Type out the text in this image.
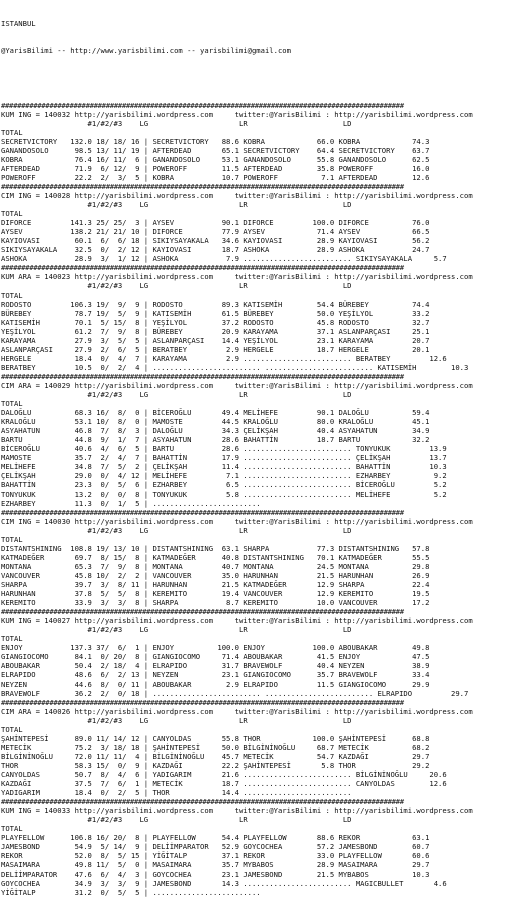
ISTANBUL

@YarisBilimi -- http://www.yarisbilimi.com -- yarisbilimi@gmail.com

####################################################################################################
KUM ING = 140032 http://yarisbilimi.wordpress.com     twitter:@YarisBilimi : http://yarisbilimi.wordpress.com
#1/#2/#3    LG                     LR                      LD
TOTAL
SECRETVICTORY   132.0 18/ 18/ 16 | SECRETVICTORY   88.6 KOBRA            66.0 KOBRA            74.3
GANANDOSOLO      98.5 13/ 11/ 19 | AFTERDEAD       65.1 SECRETVICTORY    64.4 SECRETVICTORY    63.7
KOBRA            76.4 16/ 11/  6 | GANANDOSOLO     53.1 GANANDOSOLO      55.8 GANANDOSOLO      62.5
AFTERDEAD        71.9  6/ 12/  9 | POWEROFF        11.5 AFTERDEAD        35.8 POWEROFF         16.0
POWEROFF         22.2  2/  3/  5 | KOBRA           10.7 POWEROFF          7.1 AFTERDEAD        12.6
####################################################################################################
CIM ING = 140028 http://yarisbilimi.wordpress.com     twitter:@YarisBilimi : http://yarisbilimi.wordpress.com
#1/#2/#3    LG                     LR                      LD
TOTAL
DIFORCE         141.3 25/ 25/  3 | AYSEV           90.1 DIFORCE         100.0 DIFORCE          76.0
AYSEV           138.2 21/ 21/ 10 | DIFORCE         77.9 AYSEV            71.4 AYSEV            66.5
KAYIOVASI        60.1  6/  6/ 18 | SIKIYSAYAKALA   34.6 KAYIOVASI        28.9 KAYIOVASI        56.2
SIKIYSAYAKALA    32.5  0/  2/ 12 | KAYIOVASI       18.7 ASHOKA           28.9 ASHOKA           24.7
ASHOKA           28.9  3/  1/ 12 | ASHOKA           7.9 ......................... SIKIYSAYAKALA     5.7
####################################################################################################
KUM ARA = 140023 http://yarisbilimi.wordpress.com     twitter:@YarisBilimi : http://yarisbilimi.wordpress.com
#1/#2/#3    LG                     LR                      LD
TOTAL
RODOSTO         106.3 19/  9/  9 | RODOSTO         89.3 KATISEMİH        54.4 BÜREBEY          74.4
BÜREBEY          78.7 19/  5/  9 | KATISEMİH       61.5 BÜREBEY          50.0 YEŞİLYOL         33.2
KATISEMİH        70.1  5/ 15/  8 | YEŞİLYOL        37.2 RODOSTO          45.8 RODOSTO          32.7
YEŞİLYOL         61.2  7/  9/  8 | BÜREBEY         20.9 KARAYAMA         37.1 ASLANPARÇASI     25.1
KARAYAMA         27.9  3/  5/  5 | ASLANPARÇASI    14.4 YEŞİLYOL         23.1 KARAYAMA         20.7
ASLANPARÇASI     27.9  2/  6/  5 | BERATBEY         2.9 HERGELE          18.7 HERGELE          20.1
HERGELE          18.4  0/  4/  7 | KARAYAMA         2.9 ......................... BERATBEY         12.6
BERATBEY         10.5  0/  2/  4 | ......................... ......................... KATISEMİH        10.3
####################################################################################################
CIM ARA = 140029 http://yarisbilimi.wordpress.com     twitter:@YarisBilimi : http://yarisbilimi.wordpress.com
#1/#2/#3    LG                     LR                      LD
TOTAL
DALOĞLU          68.3 16/  8/  0 | BİCEROĞLU       49.4 MELİHEFE         90.1 DALOĞLU          59.4
KRALOĞLU         53.1 10/  8/  0 | MAMOSTE         44.5 KRALOĞLU         80.0 KRALOĞLU         45.1
ASYAHATUN        46.8  7/  8/  3 | DALOĞLU         34.3 ÇELİKŞAH         40.4 ASYAHATUN        34.9
BARTU            44.8  9/  1/  7 | ASYAHATUN       28.6 BAHATTİN         18.7 BARTU            32.2
BİCEROĞLU        40.6  4/  6/  5 | BARTU           28.6 ......................... TONYUKUK         13.9
MAMOSTE          35.7  2/  4/  7 | BAHATTİN        17.9 ......................... ÇELİKŞAH         13.7
MELİHEFE         34.8  7/  5/  2 | ÇELİKŞAH        11.4 ......................... BAHATTİN         10.3
ÇELİKŞAH         29.0  0/  4/ 12 | MELİHEFE         7.1 ......................... EZHARBEY          9.2
BAHATTİN         23.3  0/  5/  6 | EZHARBEY         6.5 ......................... BİCEROĞLU         5.2
TONYUKUK         13.2  0/  0/  8 | TONYUKUK         5.8 ......................... MELİHEFE          5.2
EZHARBEY         11.3  0/  1/  5 | .........................
####################################################################################################
CIM ING = 140030 http://yarisbilimi.wordpress.com     twitter:@YarisBilimi : http://yarisbilimi.wordpress.com
#1/#2/#3    LG                     LR                      LD
TOTAL
DISTANTSHINING  108.8 19/ 13/ 10 | DISTANTSHINING  63.1 SHARPA           77.3 DISTANTSHINING   57.8
KATMADEĞER       69.7  8/ 15/  8 | KATMADEĞER      40.8 DISTANTSHINING   70.1 KATMADEĞER       55.5
MONTANA          65.3  7/  9/  8 | MONTANA         40.7 MONTANA          24.5 MONTANA          29.8
VANCOUVER        45.8 10/  2/  2 | VANCOUVER       35.0 HARUNHAN         21.5 HARUNHAN         26.9
SHARPA           39.7  3/  8/ 11 | HARUNHAN        21.5 KATMADEĞER       12.9 SHARPA           22.4
HARUNHAN         37.8  5/  5/  8 | KEREMITO        19.4 VANCOUVER        12.9 KEREMITO         19.5
KEREMITO         33.9  3/  3/  8 | SHARPA           8.7 KEREMITO         10.0 VANCOUVER        17.2
####################################################################################################
KUM ING = 140027 http://yarisbilimi.wordpress.com     twitter:@YarisBilimi : http://yarisbilimi.wordpress.com
#1/#2/#3    LG                     LR                      LD
TOTAL
ENJOY           137.3 37/  6/  1 | ENJOY          100.0 ENJOY           100.0 ABOUBAKAR        49.8
GIANGIOCOMO      84.1  0/ 20/  8 | GIANGIOCOMO     71.4 ABOUBAKAR        41.5 ENJOY            47.5
ABOUBAKAR        50.4  2/ 18/  4 | ELRAPIDO        31.7 BRAVEWOLF        40.4 NEYZEN           38.9
ELRAPIDO         48.6  6/  2/ 13 | NEYZEN          23.1 GIANGIOCOMO      35.7 BRAVEWOLF        33.4
NEYZEN           44.6  8/  0/ 11 | ABOUBAKAR        2.9 ELRAPIDO         11.5 GIANGIOCOMO      29.9
BRAVEWOLF        36.2  2/  0/ 18 | ......................... ......................... ELRAPIDO         29.7
####################################################################################################
CIM ARA = 140026 http://yarisbilimi.wordpress.com     twitter:@YarisBilimi : http://yarisbilimi.wordpress.com
#1/#2/#3    LG                     LR                      LD
TOTAL
ŞAHİNTEPESİ      89.0 11/ 14/ 12 | CANYOLDAS       55.8 THOR            100.0 ŞAHİNTEPESİ      68.8
METECİK          75.2  3/ 18/ 18 | ŞAHİNTEPESİ     50.0 BİLGİNİNOĞLU     68.7 METECİK          68.2
BİLGİNİNOĞLU     72.0 11/ 11/  4 | BİLGİNİNOĞLU    45.7 METECİK          54.7 KAZDAĞI          29.7
THOR             58.3 15/  0/  9 | KAZDAĞI         22.2 ŞAHİNTEPESİ       5.8 THOR             29.2
CANYOLDAS        50.7  8/  4/  6 | YADIGARIM       21.6 ......................... BİLGİNİNOĞLU     20.6
KAZDAĞI          37.5  7/  6/  1 | METECİK         18.7 ......................... CANYOLDAS        12.6
YADIGARIM        18.4  0/  2/  5 | THOR            14.4 .........................
####################################################################################################
KUM ING = 140033 http://yarisbilimi.wordpress.com     twitter:@YarisBilimi : http://yarisbilimi.wordpress.com
#1/#2/#3    LG                     LR                      LD
TOTAL
PLAYFELLOW      106.8 16/ 20/  8 | PLAYFELLOW      54.4 PLAYFELLOW       88.6 REKOR            63.1
JAMESBOND        54.9  5/ 14/  9 | DELİİMPARATOR   52.9 GOYCOCHEA        57.2 JAMESBOND        60.7
REKOR            52.0  8/  5/ 15 | YİĞİTALP        37.1 REKOR            33.0 PLAYFELLOW       60.6
MASAIMARA        49.8 11/  5/  0 | MASAIMARA       35.7 MYBABOS          28.9 MASAIMARA        29.7
DELİİMPARATOR    47.6  6/  4/  3 | GOYCOCHEA       23.1 JAMESBOND        21.5 MYBABOS          10.3
GOYCOCHEA        34.9  3/  3/  9 | JAMESBOND       14.3 ......................... MAGICBULLET       4.6
YİĞİTALP         31.2  0/  5/  5 | .........................
